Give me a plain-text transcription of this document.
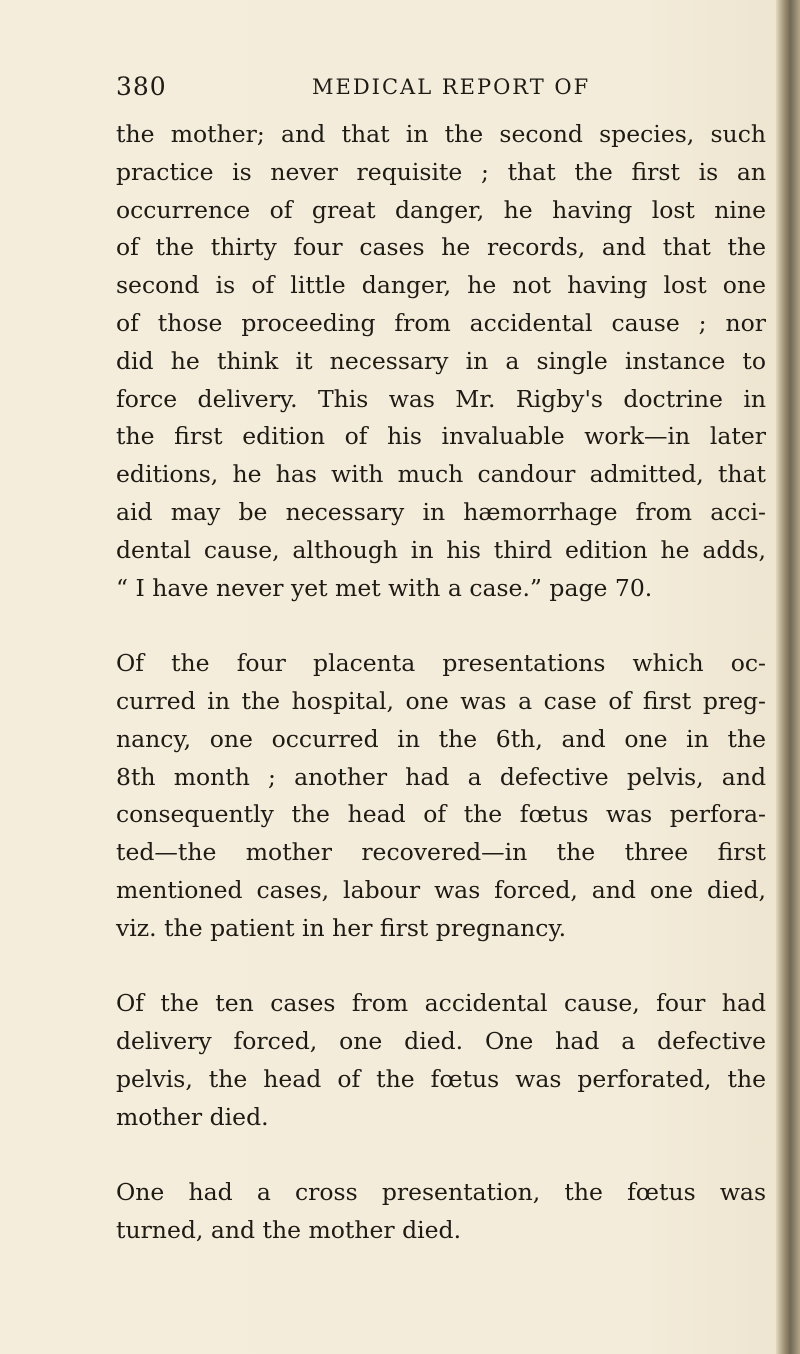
380	MEDICAL REPORT OF
the mother; and that in the second species, such
practice is never requisite ; that the first is an
occurrence of great danger, he having lost nine
of the thirty four cases he records, and that the
second is of little danger, he not having lost one
of those proceeding from accidental cause ; nor
did he think it necessary in a single instance to
force delivery. This was Mr. Rigby's doctrine in
the first edition of his invaluable work—in later
editions, he has with much candour admitted, that
aid may be necessary in hæmorrhage from acci-
dental cause, although in his third edition he adds,
“ I have never yet met with a case.” page 70.
Of the four placenta presentations which oc-
curred in the hospital, one was a case of first preg-
nancy, one occurred in the 6th, and one in the
8th month ; another had a defective pelvis, and
consequently the head of the fœtus was perfora-
ted—the mother recovered—in the three first
mentioned cases, labour was forced, and one died,
viz. the patient in her first pregnancy.
Of the ten cases from accidental cause, four had
delivery forced, one died. One had a defective
pelvis, the head of the fœtus was perforated, the
mother died.
One had a cross presentation, the fœtus was
turned, and the mother died.
